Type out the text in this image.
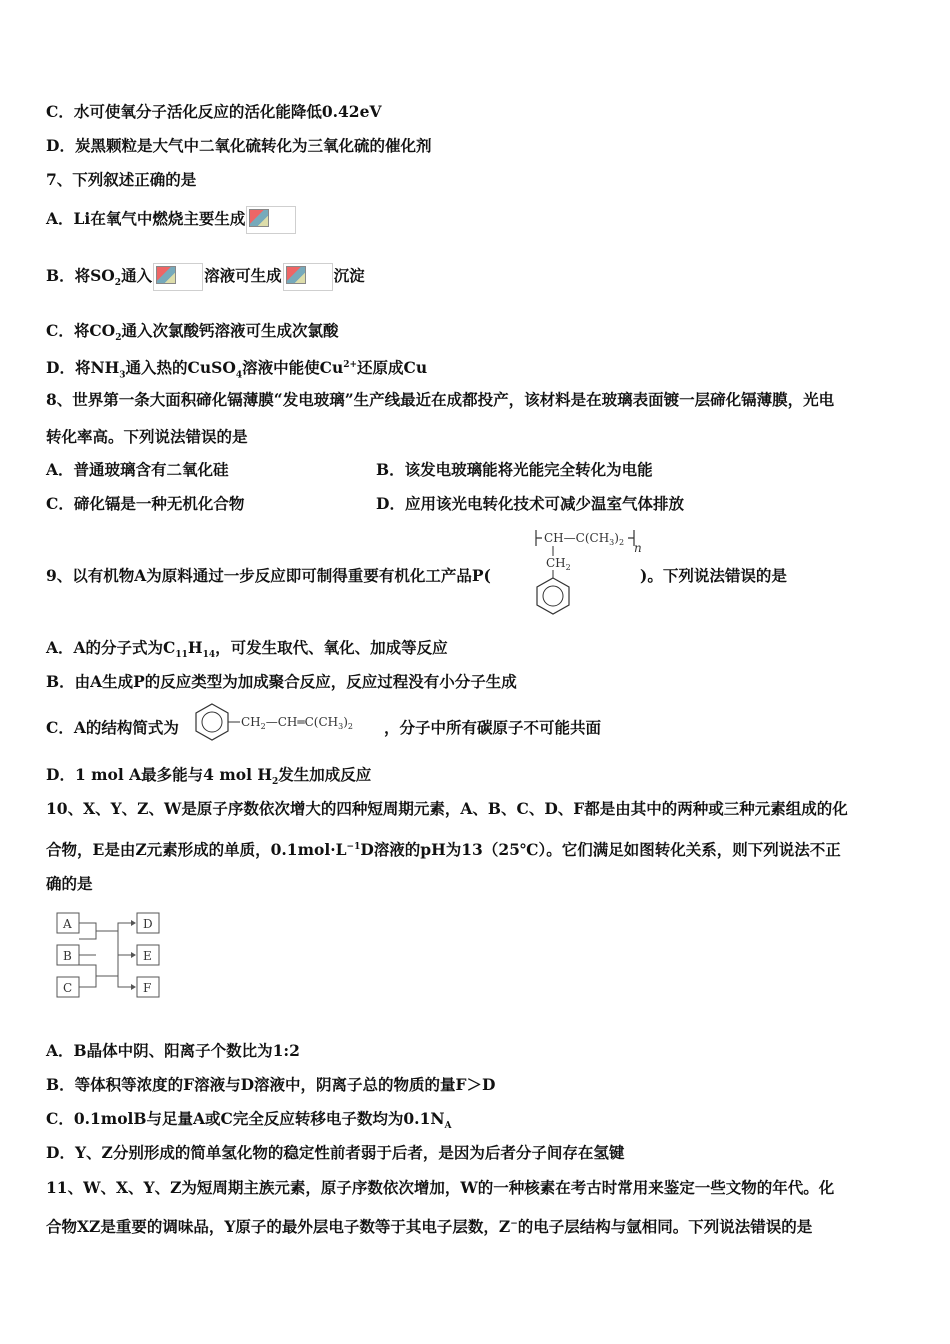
C．水可使氧分子活化反应的活化能降低0.42eV
D．炭黑颗粒是大气中二氧化硫转化为三氧化硫的催化剂
7、下列叙述正确的是
A．Li在氧气中燃烧主要生成
B．将$SO_2$通入	溶液可生成	沉淀
C．将$CO_2$通入次氯酸钙溶液可生成次氯酸
D．将$NH_3$通入热的CuSO$_4$溶液中能使$Cu^{2+}$还原成Cu
8、世界第一条大面积碲化镉薄膜“发电玻璃”生产线最近在成都投产，该材料是在玻璃表面镀一层碲化镉薄膜，光电
转化率高。下列说法错误的是
A．普通玻璃含有二氧化硅	B．该发电玻璃能将光能完全转化为电能
C．碲化镉是一种无机化合物	D．应用该光电转化技术可减少温室气体排放
9、以有机物A为原料通过一步反应即可制得重要有机化工产品P(
$CH—C(CH_3)_2$ n
$CH_2$	)。下列说法错误的是
A．A的分子式为$C_{11}H_{14}$，可发生取代、氧化、加成等反应
B．由A生成P的反应类型为加成聚合反应，反应过程没有小分子生成
C．A的结构简式为	$CH_2—CH═C(CH_3)_2$ ，分子中所有碳原子不可能共面
D．1 mol A最多能与4 mol $H_2$发生加成反应
10、X、Y、Z、W是原子序数依次增大的四种短周期元素，A、B、C、D、F都是由其中的两种或三种元素组成的化
合物，E是由Z元素形成的单质，$0.1mol\cdot L^{-1}D$溶液的pH为13（25℃）。它们满足如图转化关系，则下列说法不正
确的是
A
B
C
D
E
F
A．B晶体中阴、阳离子个数比为1:2
B．等体积等浓度的F溶液与D溶液中，阴离子总的物质的量F＞D
C．0.1molB与足量A或C完全反应转移电子数均为$0.1N_A$
D．Y、Z分别形成的简单氢化物的稳定性前者弱于后者，是因为后者分子间存在氢键
11、W、X、Y、Z为短周期主族元素，原子序数依次增加，W的一种核素在考古时常用来鉴定一些文物的年代。化
合物XZ是重要的调味品，Y原子的最外层电子数等于其电子层数，Z−的电子层结构与氩相同。下列说法错误的是
